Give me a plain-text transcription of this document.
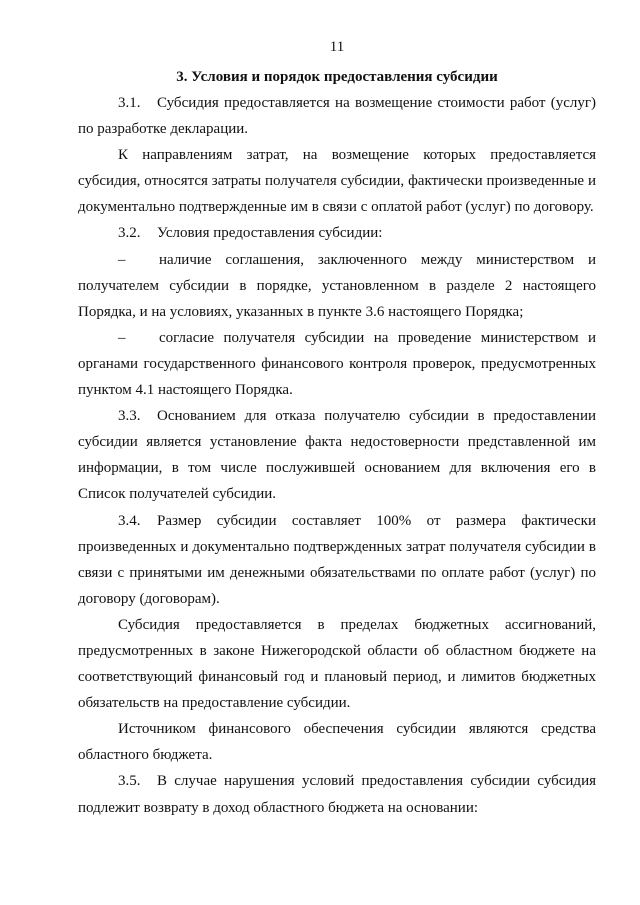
11
3. Условия и порядок предоставления субсидии

3.1. Субсидия предоставляется на возмещение стоимости работ (услуг) по разработке декларации.

К направлениям затрат, на возмещение которых предоставляется субсидия, относятся затраты получателя субсидии, фактически произведенные и документально подтвержденные им в связи с оплатой работ (услуг) по договору.

3.2. Условия предоставления субсидии:

– наличие соглашения, заключенного между министерством и получателем субсидии в порядке, установленном в разделе 2 настоящего Порядка, и на условиях, указанных в пункте 3.6 настоящего Порядка;

– согласие получателя субсидии на проведение министерством и органами государственного финансового контроля проверок, предусмотренных пунктом 4.1 настоящего Порядка.

3.3. Основанием для отказа получателю субсидии в предоставлении субсидии является установление факта недостоверности представленной им информации, в том числе послужившей основанием для включения его в Список получателей субсидии.

3.4. Размер субсидии составляет 100% от размера фактически произведенных и документально подтвержденных затрат получателя субсидии в связи с принятыми им денежными обязательствами по оплате работ (услуг) по договору (договорам).

Субсидия предоставляется в пределах бюджетных ассигнований, предусмотренных в законе Нижегородской области об областном бюджете на соответствующий финансовый год и плановый период, и лимитов бюджетных обязательств на предоставление субсидии.

Источником финансового обеспечения субсидии являются средства областного бюджета.

3.5. В случае нарушения условий предоставления субсидии субсидия подлежит возврату в доход областного бюджета на основании:
